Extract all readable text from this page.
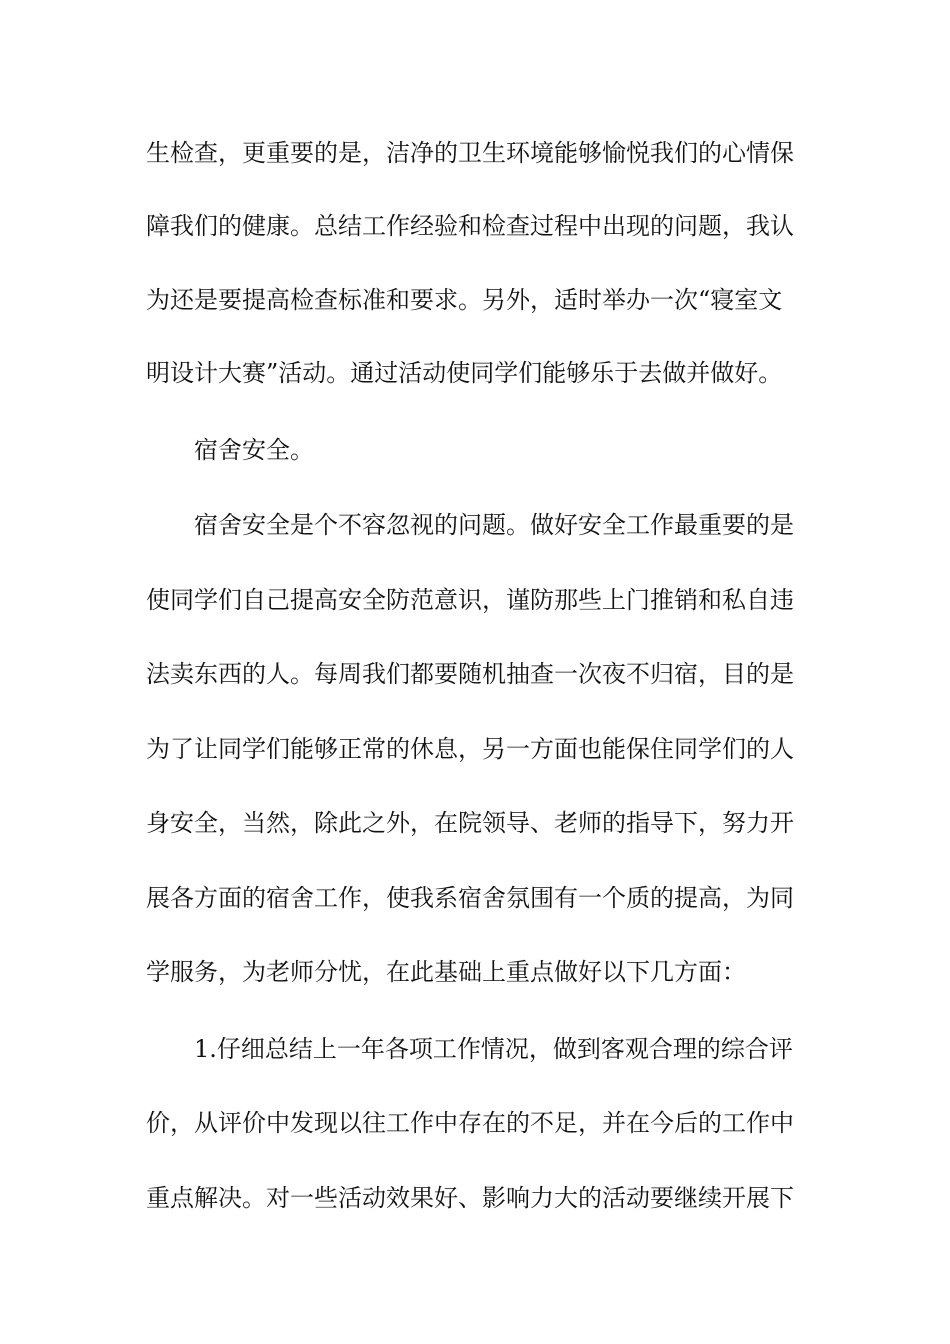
生检查，更重要的是，洁净的卫生环境能够愉悦我们的心情保
障我们的健康。总结工作经验和检查过程中出现的问题，我认
为还是要提高检查标准和要求。另外，适时举办一次“寝室文
明设计大赛”活动。通过活动使同学们能够乐于去做并做好。
宿舍安全。
宿舍安全是个不容忽视的问题。做好安全工作最重要的是
使同学们自己提高安全防范意识，谨防那些上门推销和私自违
法卖东西的人。每周我们都要随机抽查一次夜不归宿，目的是
为了让同学们能够正常的休息，另一方面也能保住同学们的人
身安全，当然，除此之外，在院领导、老师的指导下，努力开
展各方面的宿舍工作，使我系宿舍氛围有一个质的提高，为同
学服务，为老师分忧，在此基础上重点做好以下几方面：
1.仔细总结上一年各项工作情况，做到客观合理的综合评
价，从评价中发现以往工作中存在的不足，并在今后的工作中
重点解决。对一些活动效果好、影响力大的活动要继续开展下
